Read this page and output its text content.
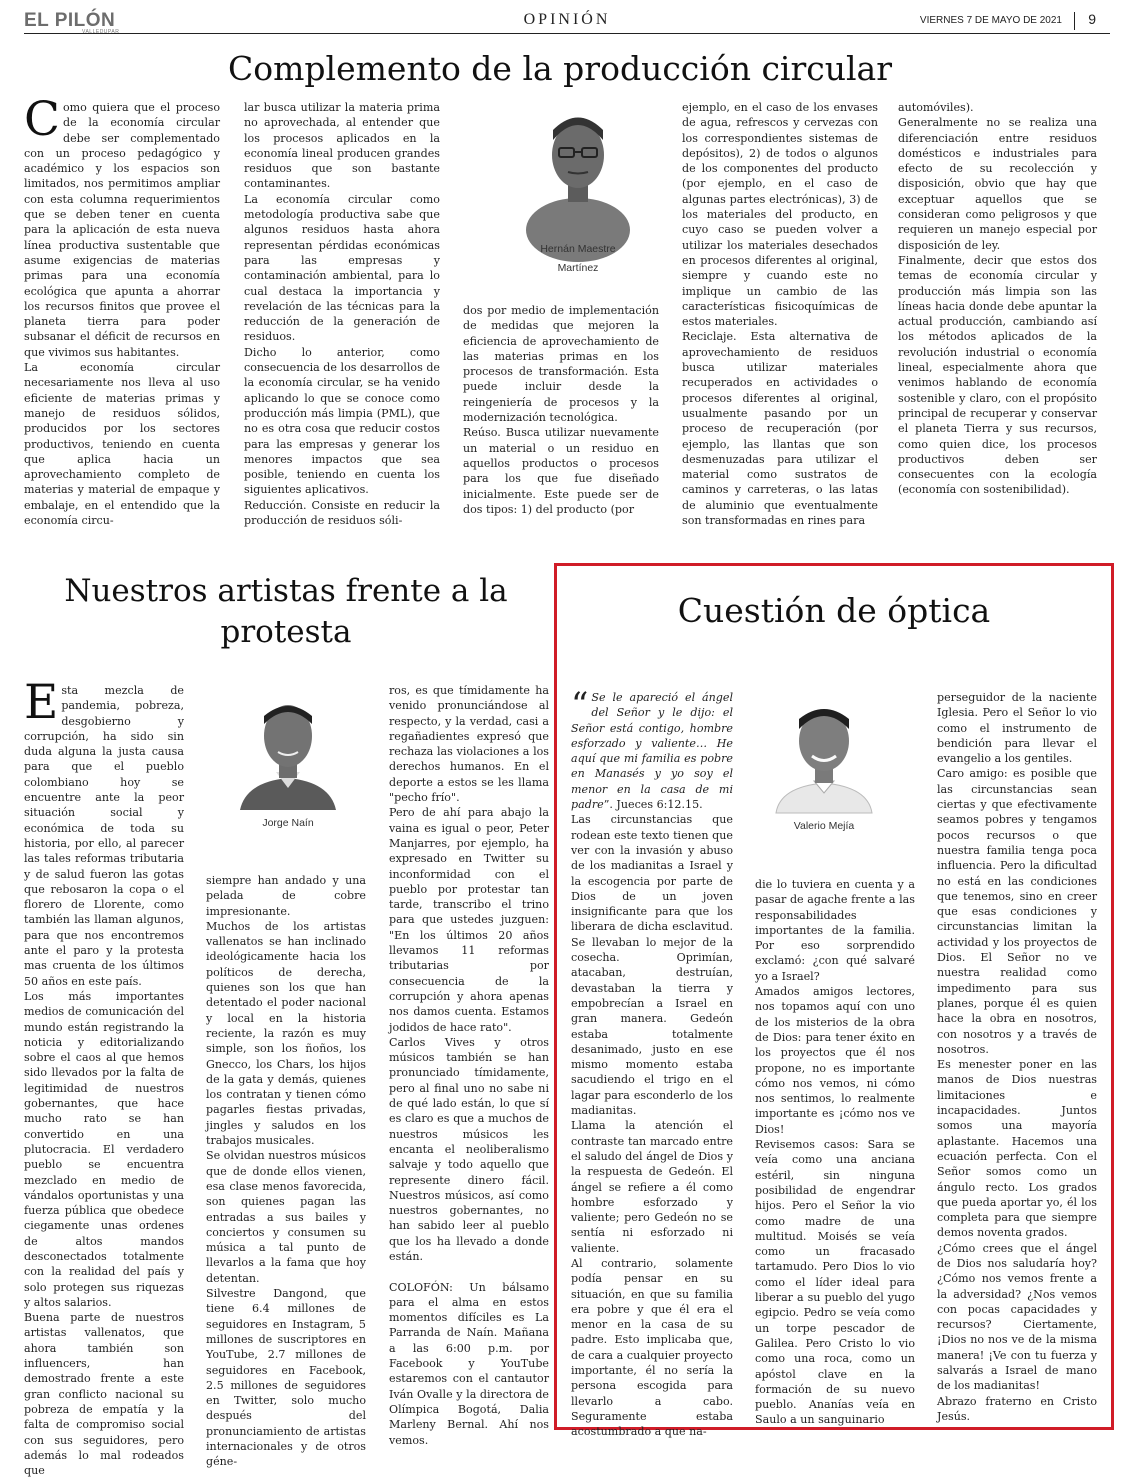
EL PILÓN
VALLEDUPAR
OPINIÓN	VIERNES 7 DE MAYO DE 2021 9
Complemento de la producción circular
C omo quiera que el proceso de la economía circular debe ser complementado con un proceso pedagógico y académico y los espacios son limitados, nos permitimos ampliar con esta columna requerimientos que se deben tener en cuenta para la aplicación de esta nueva línea productiva sustentable que asume exigencias de materias primas para una economía ecológica que apunta a ahorrar los recursos finitos que provee el planeta tierra para poder subsanar el déficit de recursos en que vivimos sus habitantes.
La economía circular necesariamente nos lleva al uso eficiente de materias primas y manejo de residuos sólidos, producidos por los sectores productivos, teniendo en cuenta que aplica hacia un aprovechamiento completo de materias y material de empaque y embalaje, en el entendido que la economía circu-

lar busca utilizar la materia prima no aprovechada, al entender que los procesos aplicados en la economía lineal producen grandes residuos que son bastante contaminantes.
La economía circular como metodología productiva sabe que algunos residuos hasta ahora representan pérdidas económicas para las empresas y contaminación ambiental, para lo cual destaca la importancia y revelación de las técnicas para la reducción de la generación de residuos.
Dicho lo anterior, como consecuencia de los desarrollos de la economía circular, se ha venido aplicando lo que se conoce como producción más limpia (PML), que no es otra cosa que reducir costos para las empresas y generar los menores impactos que sea posible, teniendo en cuenta los siguientes aplicativos.
Reducción. Consiste en reducir la producción de residuos sóli-

Hernán Maestre
Martínez

dos por medio de implementación de medidas que mejoren la eficiencia de aprovechamiento de las materias primas en los procesos de transformación. Esta puede incluir desde la reingeniería de procesos y la modernización tecnológica.
Reúso. Busca utilizar nuevamente un material o un residuo en aquellos productos o procesos para los que fue diseñado inicialmente. Este puede ser de dos tipos: 1) del producto (por

ejemplo, en el caso de los envases de agua, refrescos y cervezas con los correspondientes sistemas de depósitos), 2) de todos o algunos de los componentes del producto (por ejemplo, en el caso de algunas partes electrónicas), 3) de los materiales del producto, en cuyo caso se pueden volver a utilizar los materiales desechados en procesos diferentes al original, siempre y cuando este no implique un cambio de las características fisicoquímicas de estos materiales.
Reciclaje. Esta alternativa de aprovechamiento de residuos busca utilizar materiales recuperados en actividades o procesos diferentes al original, usualmente pasando por un proceso de recuperación (por ejemplo, las llantas que son desmenuzadas para utilizar el material como sustratos de caminos y carreteras, o las latas de aluminio que eventualmente son transformadas en rines para

automóviles).
Generalmente no se realiza una diferenciación entre residuos domésticos e industriales para efecto de su recolección y disposición, obvio que hay que exceptuar aquellos que se consideran como peligrosos y que requieren un manejo especial por disposición de ley.
Finalmente, decir que estos dos temas de economía circular y producción más limpia son las líneas hacia donde debe apuntar la actual producción, cambiando así los métodos aplicados de la revolución industrial o economía lineal, especialmente ahora que venimos hablando de economía sostenible y claro, con el propósito principal de recuperar y conservar el planeta Tierra y sus recursos, como quien dice, los procesos productivos deben ser consecuentes con la ecología (economía con sostenibilidad).

Nuestros artistas frente a la
protesta
E sta mezcla de pandemia, pobreza, desgobierno y corrupción, ha sido sin duda alguna la justa causa para que el pueblo colombiano hoy se encuentre ante la peor situación social y económica de toda su historia, por ello, al parecer las tales reformas tributaria y de salud fueron las gotas que rebosaron la copa o el florero de Llorente, como también las llaman algunos, para que nos encontremos ante el paro y la protesta mas cruenta de los últimos 50 años en este país.
Los más importantes medios de comunicación del mundo están registrando la noticia y editorializando sobre el caos al que hemos sido llevados por la falta de legitimidad de nuestros gobernantes, que hace mucho rato se han convertido en una plutocracia. El verdadero pueblo se encuentra mezclado en medio de vándalos oportunistas y una fuerza pública que obedece ciegamente unas ordenes de altos mandos desconectados totalmente con la realidad del país y solo protegen sus riquezas y altos salarios.
Buena parte de nuestros artistas vallenatos, que ahora también son influencers, han demostrado frente a este gran conflicto nacional su pobreza de empatía y la falta de compromiso social con sus seguidores, pero además lo mal rodeados que

Jorge Naín

siempre han andado y una pelada de cobre impresionante.
Muchos de los artistas vallenatos se han inclinado ideológicamente hacia los políticos de derecha, quienes son los que han detentado el poder nacional y local en la historia reciente, la razón es muy simple, son los ñoños, los Gnecco, los Chars, los hijos de la gata y demás, quienes los contratan y tienen cómo pagarles fiestas privadas, jingles y saludos en los trabajos musicales.
Se olvidan nuestros músicos que de donde ellos vienen, esa clase menos favorecida, son quienes pagan las entradas a sus bailes y conciertos y consumen su música a tal punto de llevarlos a la fama que hoy detentan.
Silvestre Dangond, que tiene 6.4 millones de seguidores en Instagram, 5 millones de suscriptores en YouTube, 2.7 millones de seguidores en Facebook, 2.5 millones de seguidores en Twitter, solo mucho después del pronunciamiento de artistas internacionales y de otros géne-

ros, es que tímidamente ha venido pronunciándose al respecto, y la verdad, casi a regañadientes expresó que rechaza las violaciones a los derechos humanos. En el deporte a estos se les llama "pecho frío".
Pero de ahí para abajo la vaina es igual o peor, Peter Manjarres, por ejemplo, ha expresado en Twitter su inconformidad con el pueblo por protestar tan tarde, transcribo el trino para que ustedes juzguen: "En los últimos 20 años llevamos 11 reformas tributarias por consecuencia de la corrupción y ahora apenas nos damos cuenta. Estamos jodidos de hace rato".
Carlos Vives y otros músicos también se han pronunciado tímidamente, pero al final uno no sabe ni de qué lado están, lo que sí es claro es que a muchos de nuestros músicos les encanta el neoliberalismo salvaje y todo aquello que represente dinero fácil. Nuestros músicos, así como nuestros gobernantes, no han sabido leer al pueblo que los ha llevado a donde están.

COLOFÓN: Un bálsamo para el alma en estos momentos difíciles es La Parranda de Naín. Mañana a las 6:00 p.m. por Facebook y YouTube estaremos con el cantautor Iván Ovalle y la directora de Olímpica Bogotá, Dalia Marleny Bernal. Ahí nos vemos.

Cuestión de óptica

“ Se le apareció el ángel del Señor y le dijo: el Señor está contigo, hombre esforzado y valiente… He aquí que mi familia es pobre en Manasés y yo soy el menor en la casa de mi padre”. Jueces 6:12.15.

Las circunstancias que rodean este texto tienen que ver con la invasión y abuso de los madianitas a Israel y la escogencia por parte de Dios de un joven insignificante para que los liberara de dicha esclavitud. Se llevaban lo mejor de la cosecha. Oprimían, atacaban, destruían, devastaban la tierra y empobrecían a Israel en gran manera. Gedeón estaba totalmente desanimado, justo en ese mismo momento estaba sacudiendo el trigo en el lagar para esconderlo de los madianitas.
Llama la atención el contraste tan marcado entre el saludo del ángel de Dios y la respuesta de Gedeón. El ángel se refiere a él como hombre esforzado y valiente; pero Gedeón no se sentía ni esforzado ni valiente.
Al contrario, solamente podía pensar en su situación, en que su familia era pobre y que él era el menor en la casa de su padre. Esto implicaba que, de cara a cualquier proyecto importante, él no sería la persona escogida para llevarlo a cabo. Seguramente estaba acostumbrado a que na-

Valerio Mejía

die lo tuviera en cuenta y a pasar de agache frente a las responsabilidades importantes de la familia. Por eso sorprendido exclamó: ¿con qué salvaré yo a Israel?
Amados amigos lectores, nos topamos aquí con uno de los misterios de la obra de Dios: para tener éxito en los proyectos que él nos propone, no es importante cómo nos vemos, ni cómo nos sentimos, lo realmente importante es ¡cómo nos ve Dios!
Revisemos casos: Sara se veía como una anciana estéril, sin ninguna posibilidad de engendrar hijos. Pero el Señor la vio como madre de una multitud. Moisés se veía como un fracasado tartamudo. Pero Dios lo vio como el líder ideal para liberar a su pueblo del yugo egipcio. Pedro se veía como un torpe pescador de Galilea. Pero Cristo lo vio como una roca, como un apóstol clave en la formación de su nuevo pueblo. Ananías veía en Saulo a un sanguinario

perseguidor de la naciente Iglesia. Pero el Señor lo vio como el instrumento de bendición para llevar el evangelio a los gentiles.
Caro amigo: es posible que las circunstancias sean ciertas y que efectivamente seamos pobres y tengamos pocos recursos o que nuestra familia tenga poca influencia. Pero la dificultad no está en las condiciones que tenemos, sino en creer que esas condiciones y circunstancias limitan la actividad y los proyectos de Dios. El Señor no ve nuestra realidad como impedimento para sus planes, porque él es quien hace la obra en nosotros, con nosotros y a través de nosotros.
Es menester poner en las manos de Dios nuestras limitaciones e incapacidades. Juntos somos una mayoría aplastante. Hacemos una ecuación perfecta. Con el Señor somos como un ángulo recto. Los grados que pueda aportar yo, él los completa para que siempre demos noventa grados.
¿Cómo crees que el ángel de Dios nos saludaría hoy? ¿Cómo nos vemos frente a la adversidad? ¿Nos vemos con pocas capacidades y recursos? Ciertamente, ¡Dios no nos ve de la misma manera! ¡Ve con tu fuerza y salvarás a Israel de mano de los madianitas!
Abrazo fraterno en Cristo Jesús.
